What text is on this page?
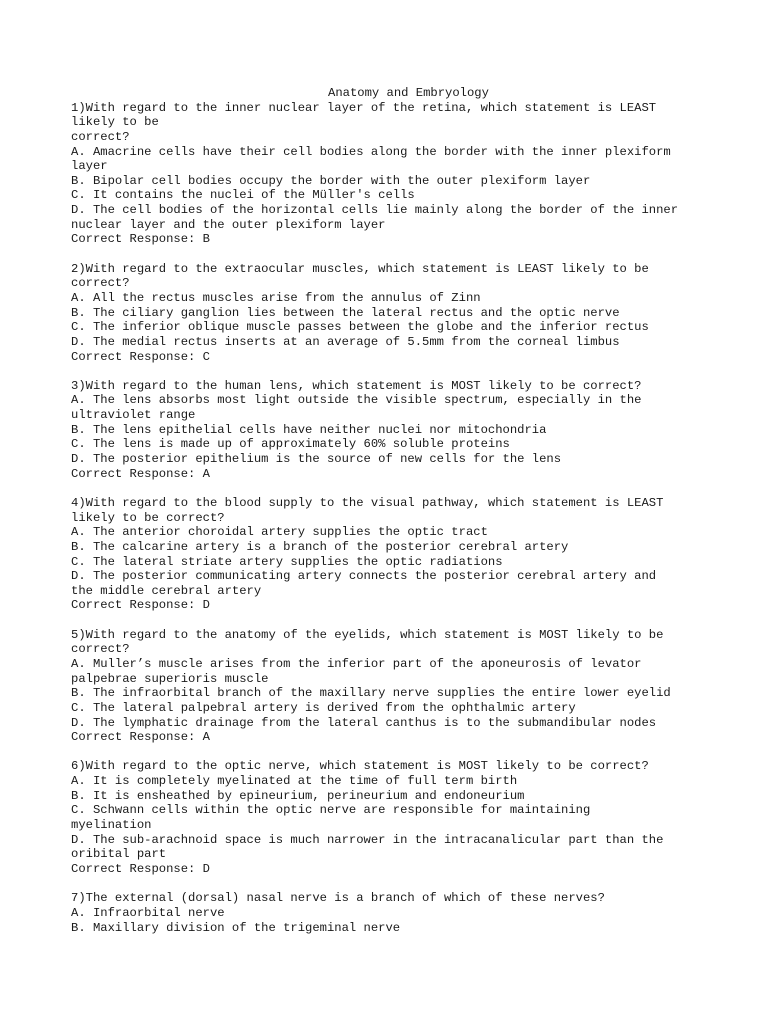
Anatomy and Embryology
1)With regard to the inner nuclear layer of the retina, which statement is LEAST
likely to be
correct?
A. Amacrine cells have their cell bodies along the border with the inner plexiform
layer
B. Bipolar cell bodies occupy the border with the outer plexiform layer
C. It contains the nuclei of the Müller's cells
D. The cell bodies of the horizontal cells lie mainly along the border of the inner
nuclear layer and the outer plexiform layer
Correct Response: B
2)With regard to the extraocular muscles, which statement is LEAST likely to be
correct?
A. All the rectus muscles arise from the annulus of Zinn
B. The ciliary ganglion lies between the lateral rectus and the optic nerve
C. The inferior oblique muscle passes between the globe and the inferior rectus
D. The medial rectus inserts at an average of 5.5mm from the corneal limbus
Correct Response: C
3)With regard to the human lens, which statement is MOST likely to be correct?
A. The lens absorbs most light outside the visible spectrum, especially in the
ultraviolet range
B. The lens epithelial cells have neither nuclei nor mitochondria
C. The lens is made up of approximately 60% soluble proteins
D. The posterior epithelium is the source of new cells for the lens
Correct Response: A
4)With regard to the blood supply to the visual pathway, which statement is LEAST
likely to be correct?
A. The anterior choroidal artery supplies the optic tract
B. The calcarine artery is a branch of the posterior cerebral artery
C. The lateral striate artery supplies the optic radiations
D. The posterior communicating artery connects the posterior cerebral artery and
the middle cerebral artery
Correct Response: D
5)With regard to the anatomy of the eyelids, which statement is MOST likely to be
correct?
A. Muller’s muscle arises from the inferior part of the aponeurosis of levator
palpebrae superioris muscle
B. The infraorbital branch of the maxillary nerve supplies the entire lower eyelid
C. The lateral palpebral artery is derived from the ophthalmic artery
D. The lymphatic drainage from the lateral canthus is to the submandibular nodes
Correct Response: A
6)With regard to the optic nerve, which statement is MOST likely to be correct?
A. It is completely myelinated at the time of full term birth
B. It is ensheathed by epineurium, perineurium and endoneurium
C. Schwann cells within the optic nerve are responsible for maintaining
myelination
D. The sub-arachnoid space is much narrower in the intracanalicular part than the
oribital part
Correct Response: D
7)The external (dorsal) nasal nerve is a branch of which of these nerves?
A. Infraorbital nerve
B. Maxillary division of the trigeminal nerve
